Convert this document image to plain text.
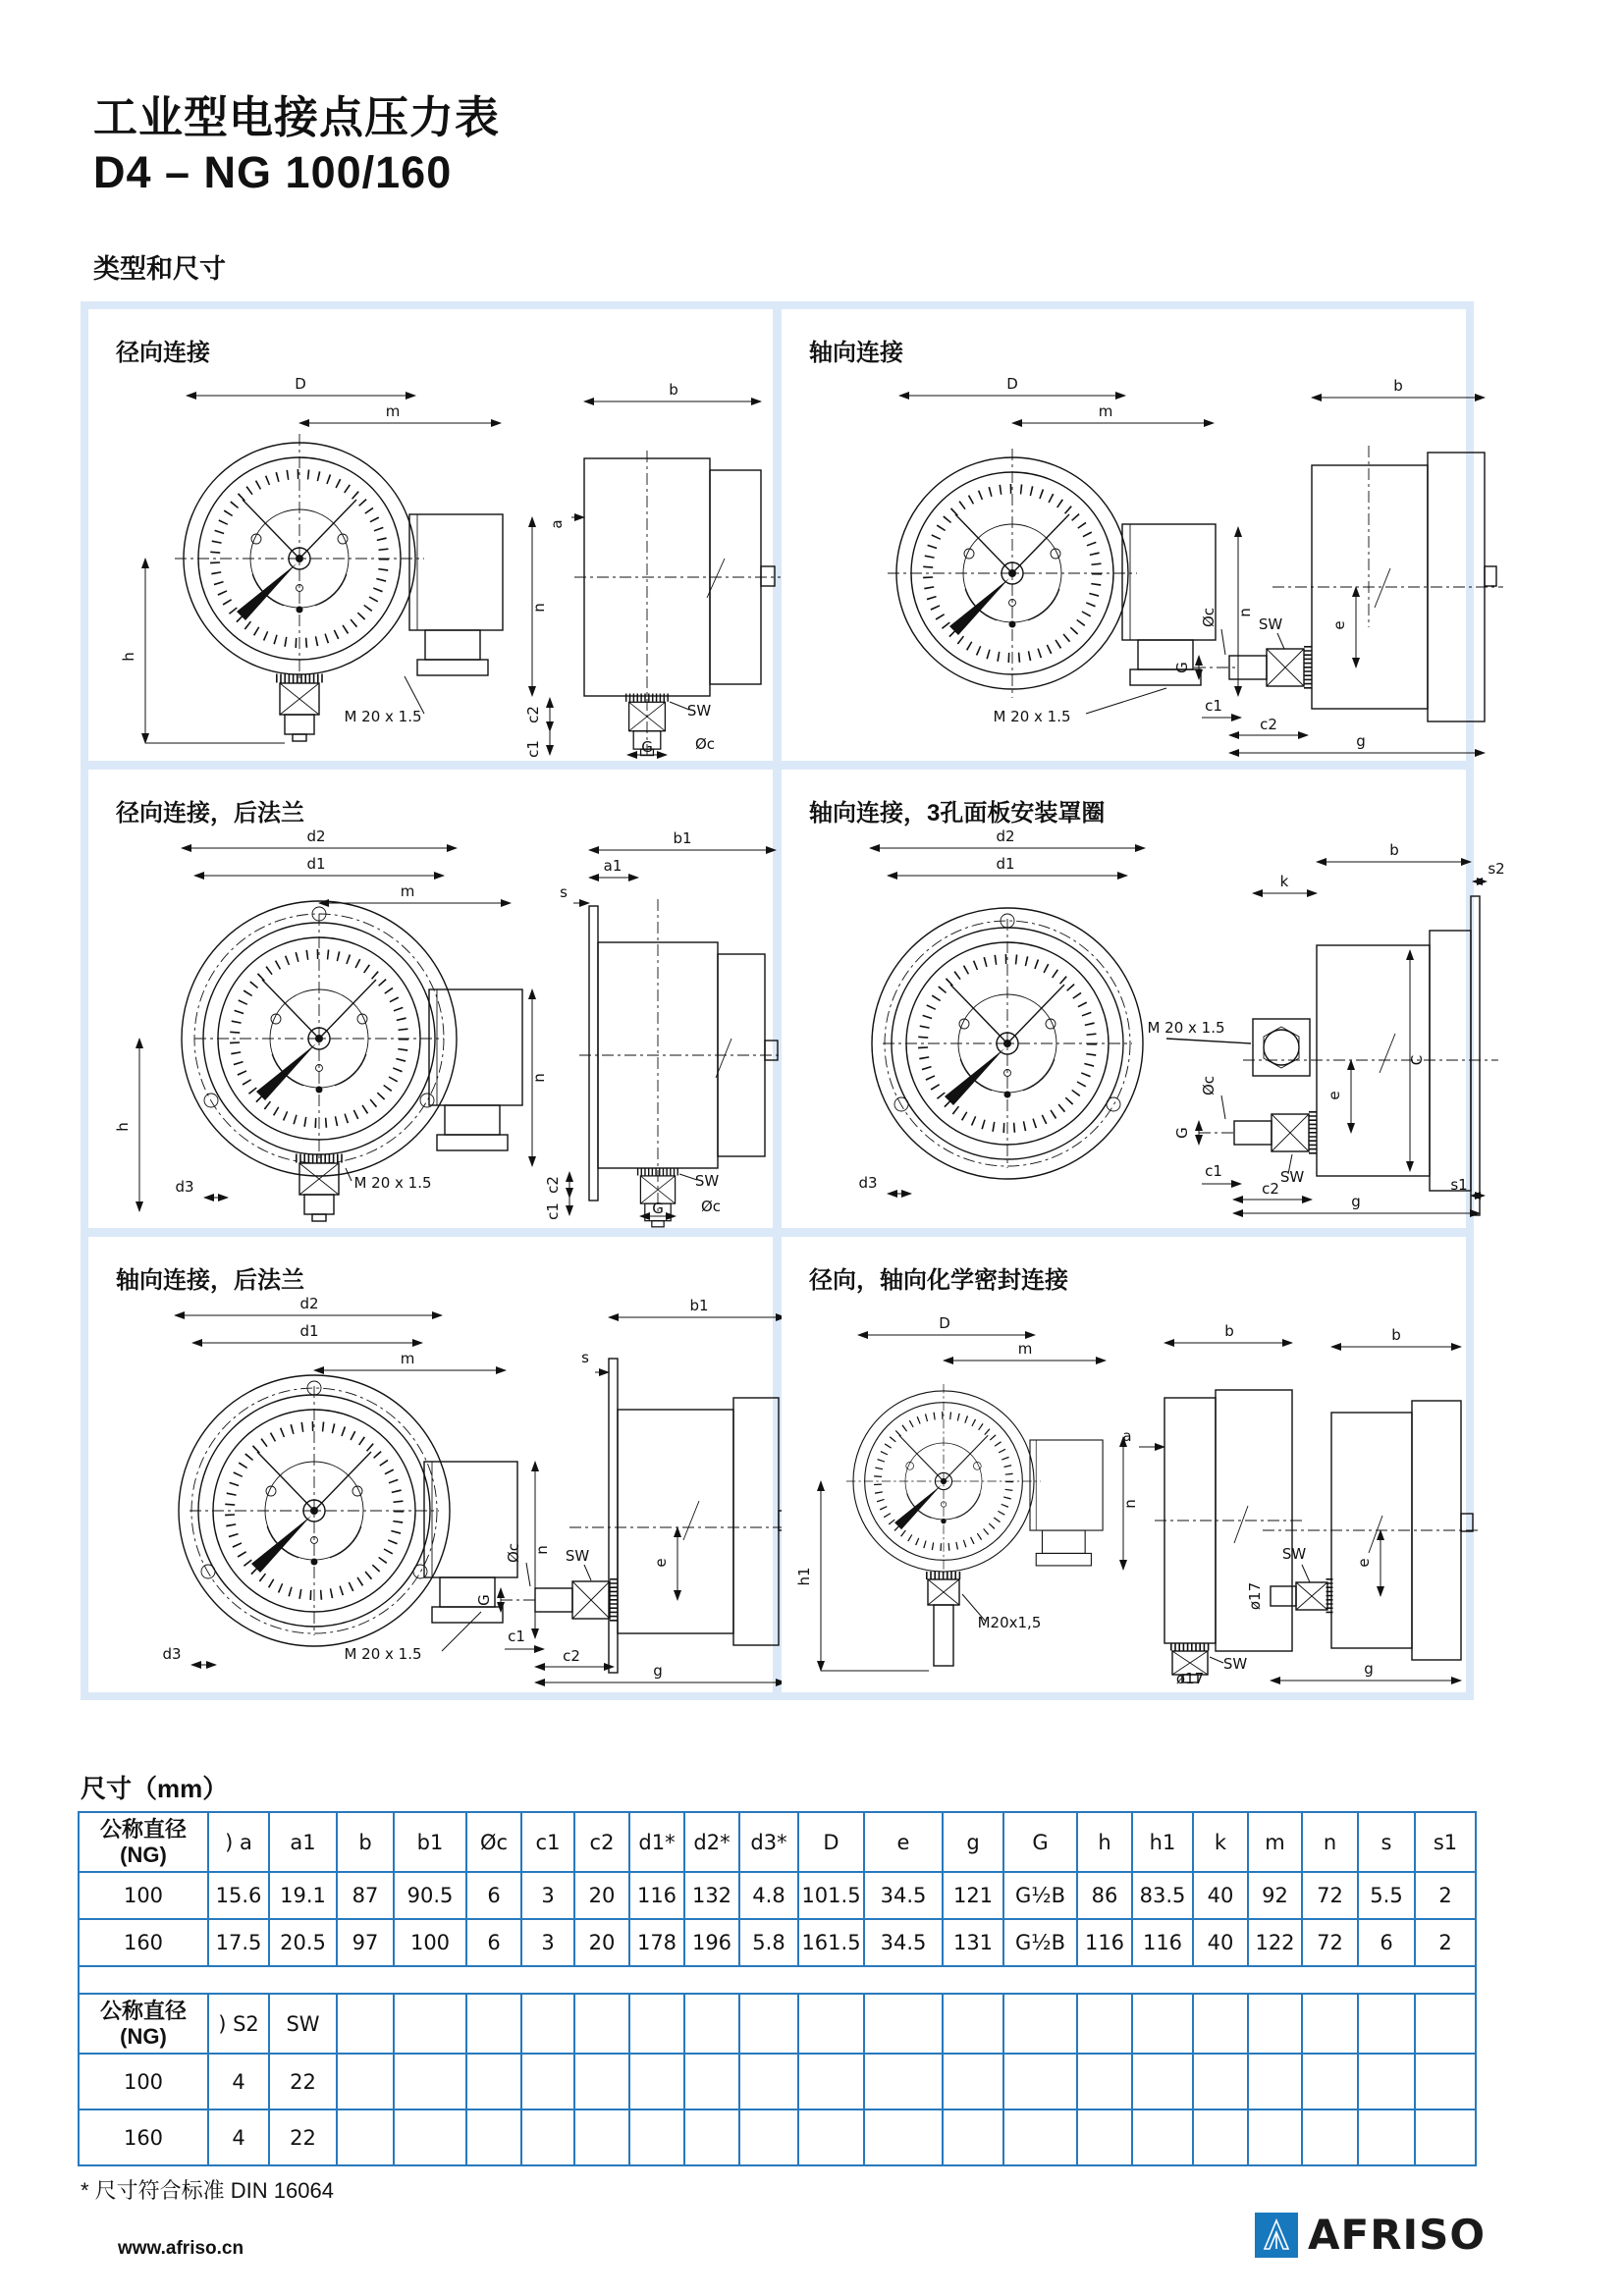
工业型电接点压力表
D4 – NG 100/160
类型和尺寸
径向连接
D
m
h
n
M 20 x 1.5
b
a
c2
c1
SW
Øc
G
轴向连接
D
m
n
M 20 x 1.5
b
SW
Øc
G
e
c1
c2
g
径向连接，后法兰
d2
d1
m
n
h
d3	M 20 x 1.5
b1
a1
s
SW
c2
c1	Øc
G
轴向连接，3孔面板安装罩圈
d2
d1
d3
M 20 x 1.5
k
b
s2
C
e
Øc
G
c1
c2
SW	s1
g
轴向连接，后法兰
d2
d1
m
n
d3	M 20 x 1.5
b1
s
e
SW
Øc
G
c1
c2
g
径向，轴向化学密封连接
D
m
n
h1
M20x1,5
b
a
SW
ø17
b
SW
ø17
e
g
尺寸（mm）
公称直径
(NG)	) a	a1	b	b1	Øc	c1	c2	d1*	d2*	d3*	D	e	g	G	h	h1	k	m	n	s	s1
100	15.6	19.1	87	90.5	6	3	20	116	132	4.8	101.5	34.5	121	G½B	86	83.5	40	92	72	5.5	2
160	17.5	20.5	97	100	6	3	20	178	196	5.8	161.5	34.5	131	G½B	116	116	40	122	72	6	2

公称直径
(NG)	) S2	SW																			
100	4	22																			
160	4	22																			
* 尺寸符合标准 DIN 16064
www.afriso.cn	AFRISO
